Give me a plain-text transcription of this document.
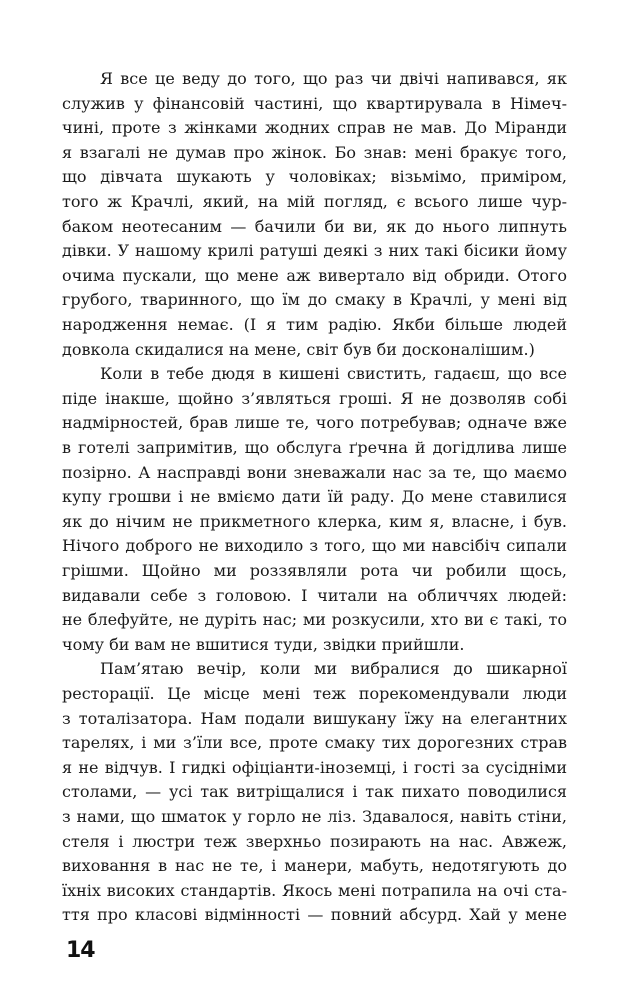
Я все це веду до того, що раз чи двічі напивався, як
служив у фінансовій частині, що квартирувала в Німеч-
чині, проте з жінками жодних справ не мав. До Міранди
я взагалі не думав про жінок. Бо знав: мені бракує того,
що дівчата шукають у чоловіках; візьмімо, приміром,
того ж Крачлі, який, на мій погляд, є всього лише чур-
баком неотесаним — бачили би ви, як до нього липнуть
дівки. У нашому крилі ратуші деякі з них такі бісики йому
очима пускали, що мене аж вивертало від обриди. Отого
грубого, тваринного, що їм до смаку в Крачлі, у мені від
народження немає. (І я тим радію. Якби більше людей
довкола скидалися на мене, світ був би досконалішим.)
Коли в тебе дюдя в кишені свистить, гадаєш, що все
піде інакше, щойно з’являться гроші. Я не дозволяв собі
надмірностей, брав лише те, чого потребував; одначе вже
в готелі запримітив, що обслуга ґречна й догідлива лише
позірно. А насправді вони зневажали нас за те, що маємо
купу грошви і не вміємо дати їй раду. До мене ставилися
як до нічим не прикметного клерка, ким я, власне, і був.
Нічого доброго не виходило з того, що ми навсібіч сипали
грішми. Щойно ми роззявляли рота чи робили щось,
видавали себе з головою. І читали на обличчях людей:
не блефуйте, не дуріть нас; ми розкусили, хто ви є такі, то
чому би вам не вшитися туди, звідки прийшли.
Пам’ятаю вечір, коли ми вибралися до шикарної
ресторації. Це місце мені теж порекомендували люди
з тоталізатора. Нам подали вишукану їжу на елегантних
тарелях, і ми з’їли все, проте смаку тих дорогезних страв
я не відчув. І гидкі офіціанти-іноземці, і гості за сусідніми
столами, — усі так витріщалися і так пихато поводилися
з нами, що шматок у горло не ліз. Здавалося, навіть стіни,
стеля і люстри теж зверхньо позирають на нас. Авжеж,
виховання в нас не те, і манери, мабуть, недотягують до
їхніх високих стандартів. Якось мені потрапила на очі ста-
ття про класові відмінності — повний абсурд. Хай у мене
14
